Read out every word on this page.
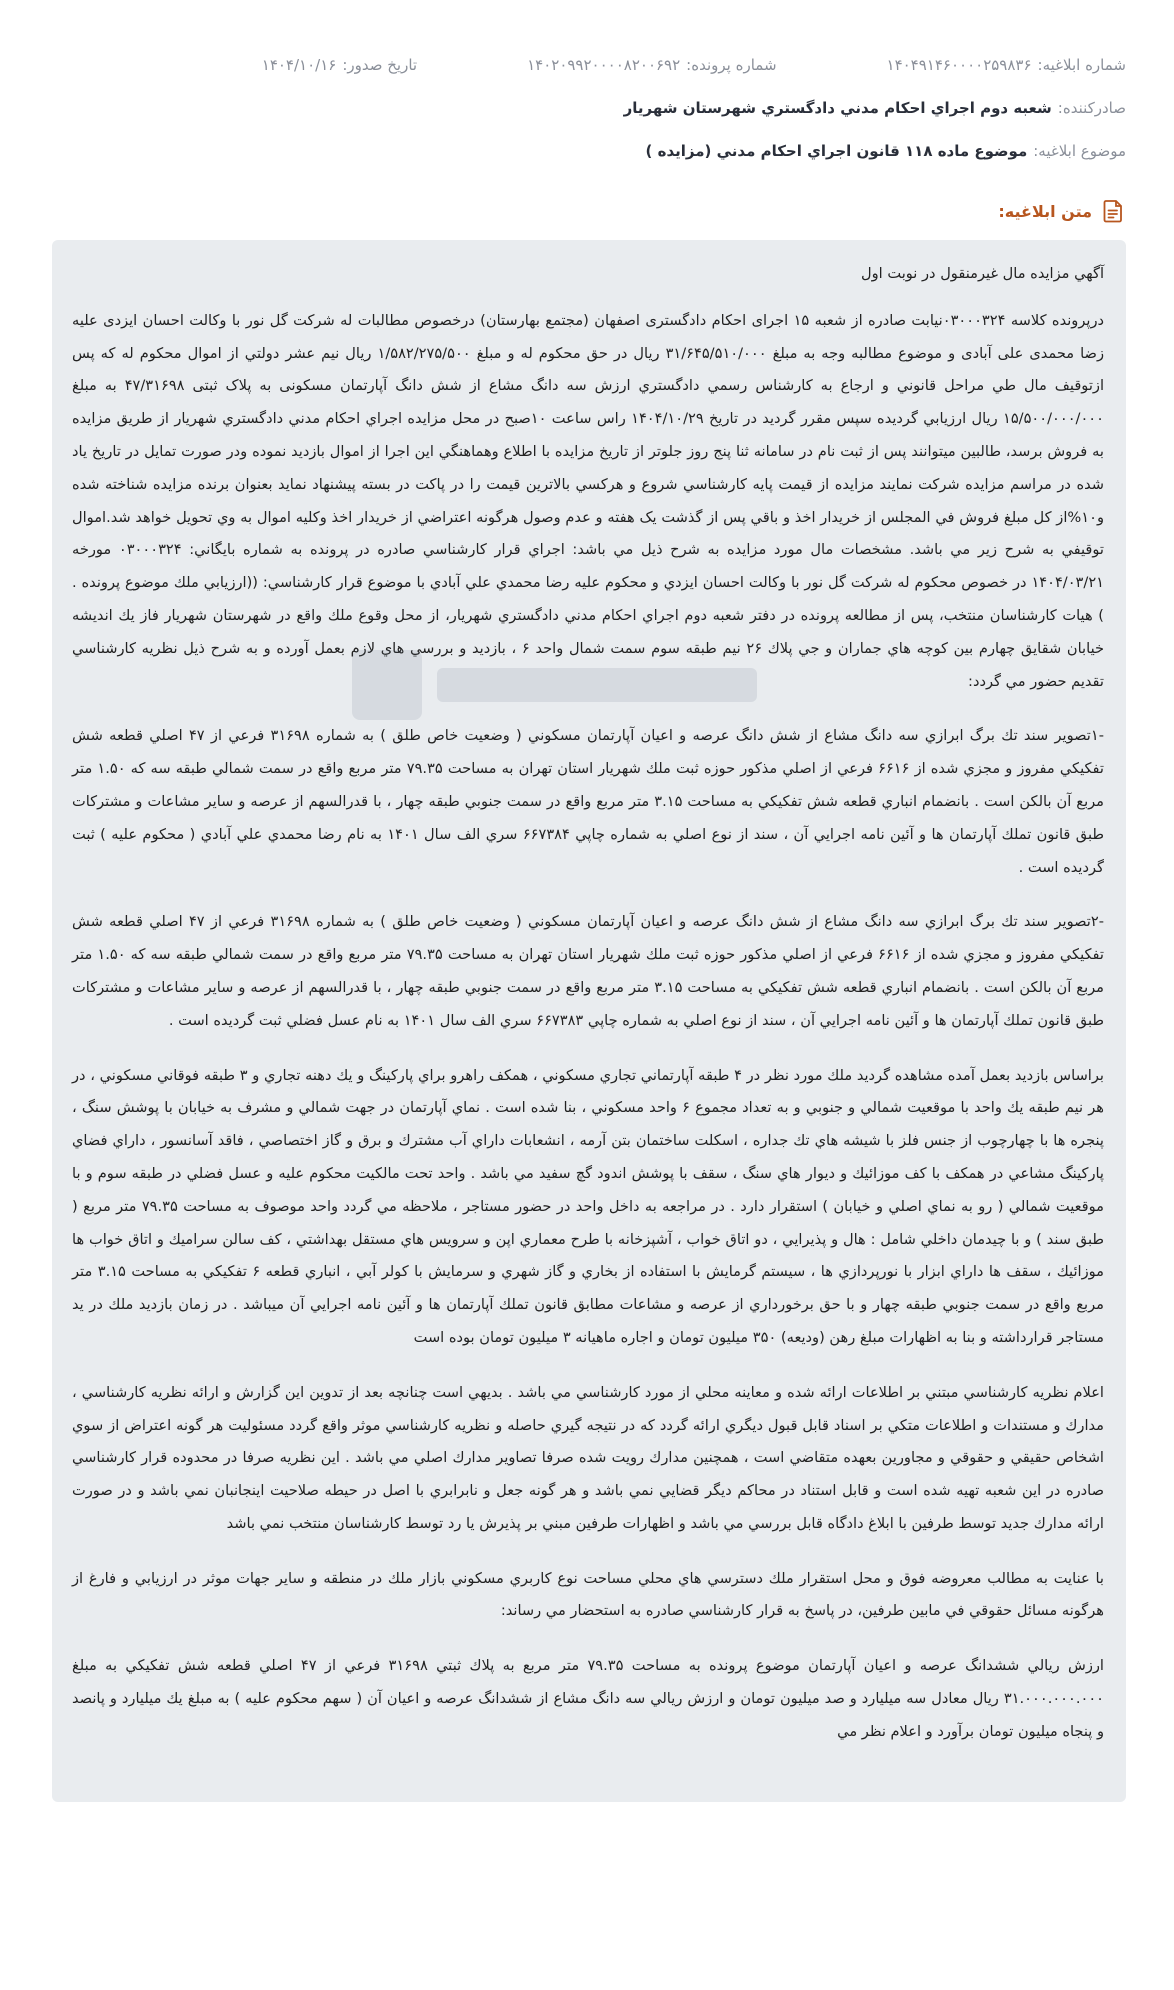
شماره ابلاغیه:
۱۴۰۴۹۱۴۶۰۰۰۰۲۵۹۸۳۶
شماره پرونده:
۱۴۰۲۰۹۹۲۰۰۰۰۸۲۰۰۶۹۲
تاریخ صدور:
۱۴۰۴/۱۰/۱۶
صادرکننده:
شعبه دوم اجراي احكام مدني دادگستري شهرستان شهريار
موضوع ابلاغیه:
موضوع ماده ۱۱۸ قانون اجراي احكام مدني (مزايده )
متن ابلاغیه:

آگهي مزايده مال غيرمنقول در نوبت اول

درپرونده کلاسه ۰۳۰۰۰۳۲۴نيابت صادره از شعبه ۱۵ اجرای احکام دادگستری اصفهان (مجتمع بهارستان) درخصوص مطالبات له شرکت گل نور با وکالت احسان ایزدی علیه زضا محمدی علی آبادی و موضوع مطالبه وجه به مبلغ ۳۱/۶۴۵/۵۱۰/۰۰۰ ريال در حق محکوم له و مبلغ ۱/۵۸۲/۲۷۵/۵۰۰ ريال نيم عشر دولتي از اموال محکوم له که پس ازتوقيف مال طي مراحل قانوني و ارجاع به كارشناس رسمي دادگستري ارزش سه دانگ مشاع از شش دانگ آپارتمان مسکونی به پلاک ثبتی ۴۷/۳۱۶۹۸ به مبلغ ۱۵/۵۰۰/۰۰۰/۰۰۰ ريال ارزيابي گرديده سپس مقرر گرديد در تاريخ ۱۴۰۴/۱۰/۲۹ راس ساعت ۱۰صبح در محل مزايده اجراي احكام مدني دادگستري شهريار از طريق مزايده به فروش برسد، طالبين ميتوانند پس از ثبت نام در سامانه ثنا پنج روز جلوتر از تاريخ مزايده با اطلاع وهماهنگي اين اجرا از اموال بازديد نموده ودر صورت تمايل در تاريخ ياد شده در مراسم مزايده شركت نمايند مزايده از قيمت پايه كارشناسي شروع و هركسي بالاترين قيمت را در پاكت در بسته پيشنهاد نمايد بعنوان برنده مزايده شناخته شده و۱۰%از كل مبلغ فروش في المجلس از خريدار اخذ و باقي پس از گذشت يک هفته و عدم وصول هرگونه اعتراضي از خريدار اخذ وکليه اموال به وي تحويل خواهد شد.اموال توقيفي به شرح زير مي باشد. مشخصات مال مورد مزايده به شرح ذيل مي باشد: اجراي قرار كارشناسي صادره در پرونده به شماره بايگاني: ۰۳۰۰۰۳۲۴ مورخه ۱۴۰۴/۰۳/۲۱ در خصوص محكوم له شركت گل نور با وكالت احسان ايزدي و محكوم عليه رضا محمدي علي آبادي با موضوع قرار كارشناسي: ((ارزيابي ملك موضوع پرونده . ) هيات كارشناسان منتخب، پس از مطالعه پرونده در دفتر شعبه دوم اجراي احكام مدني دادگستري شهريار، از محل وقوع ملك واقع در شهرستان شهريار فاز يك انديشه خيابان شقايق چهارم بين كوچه هاي جماران و جي پلاك ۲۶ نيم طبقه سوم سمت شمال واحد ۶ ، بازديد و بررسي هاي لازم بعمل آورده و به شرح ذيل نظريه كارشناسي تقديم حضور مي گردد:

-۱تصوير سند تك برگ ابرازي سه دانگ مشاع از شش دانگ عرصه و اعيان آپارتمان مسكوني ( وضعيت خاص طلق ) به شماره ۳۱۶۹۸ فرعي از ۴۷ اصلي قطعه شش تفكيكي مفروز و مجزي شده از ۶۶۱۶ فرعي از اصلي مذكور حوزه ثبت ملك شهريار استان تهران به مساحت ۷۹.۳۵ متر مربع واقع در سمت شمالي طبقه سه كه ۱.۵۰ متر مربع آن بالكن است . بانضمام انباري قطعه شش تفكيكي به مساحت ۳.۱۵ متر مربع واقع در سمت جنوبي طبقه چهار ، با قدرالسهم از عرصه و ساير مشاعات و مشتركات طبق قانون تملك آپارتمان ها و آئين نامه اجرايي آن ، سند از نوع اصلي به شماره چاپي ۶۶۷۳۸۴ سري الف سال ۱۴۰۱ به نام رضا محمدي علي آبادي ( محكوم عليه ) ثبت گرديده است .

-۲تصوير سند تك برگ ابرازي سه دانگ مشاع از شش دانگ عرصه و اعيان آپارتمان مسكوني ( وضعيت خاص طلق ) به شماره ۳۱۶۹۸ فرعي از ۴۷ اصلي قطعه شش تفكيكي مفروز و مجزي شده از ۶۶۱۶ فرعي از اصلي مذكور حوزه ثبت ملك شهريار استان تهران به مساحت ۷۹.۳۵ متر مربع واقع در سمت شمالي طبقه سه كه ۱.۵۰ متر مربع آن بالكن است . بانضمام انباري قطعه شش تفكيكي به مساحت ۳.۱۵ متر مربع واقع در سمت جنوبي طبقه چهار ، با قدرالسهم از عرصه و ساير مشاعات و مشتركات طبق قانون تملك آپارتمان ها و آئين نامه اجرايي آن ، سند از نوع اصلي به شماره چاپي ۶۶۷۳۸۳ سري الف سال ۱۴۰۱ به نام عسل فضلي ثبت گرديده است .

براساس بازديد بعمل آمده مشاهده گرديد ملك مورد نظر در ۴ طبقه آپارتماني تجاري مسكوني ، همكف راهرو براي پاركينگ و يك دهنه تجاري و ۳ طبقه فوقاني مسكوني ، در هر نيم طبقه يك واحد با موقعيت شمالي و جنوبي و به تعداد مجموع ۶ واحد مسكوني ، بنا شده است . نماي آپارتمان در جهت شمالي و مشرف به خيابان با پوشش سنگ ، پنجره ها با چهارچوب از جنس فلز با شيشه هاي تك جداره ، اسكلت ساختمان بتن آرمه ، انشعابات داراي آب مشترك و برق و گاز اختصاصي ، فاقد آسانسور ، داراي فضاي پاركينگ مشاعي در همكف با كف موزائيك و ديوار هاي سنگ ، سقف با پوشش اندود گچ سفيد مي باشد . واحد تحت مالكيت محكوم عليه و عسل فضلي در طبقه سوم و با موقعيت شمالي ( رو به نماي اصلي و خيابان ) استقرار دارد . در مراجعه به داخل واحد در حضور مستاجر ، ملاحظه مي گردد واحد موصوف به مساحت ۷۹.۳۵ متر مربع ( طبق سند ) و با چيدمان داخلي شامل : هال و پذيرايي ، دو اتاق خواب ، آشپزخانه با طرح معماري اپن و سرويس هاي مستقل بهداشتي ، كف سالن سراميك و اتاق خواب ها موزائيك ، سقف ها داراي ابزار با نورپردازي ها ، سيستم گرمايش با استفاده از بخاري و گاز شهري و سرمايش با كولر آبي ، انباري قطعه ۶ تفكيكي به مساحت ۳.۱۵ متر مربع واقع در سمت جنوبي طبقه چهار و با حق برخورداري از عرصه و مشاعات مطابق قانون تملك آپارتمان ها و آئين نامه اجرايي آن ميباشد . در زمان بازديد ملك در يد مستاجر قرارداشته و بنا به اظهارات مبلغ رهن (وديعه) ۳۵۰ ميليون تومان و اجاره ماهيانه ۳ ميليون تومان بوده است

اعلام نظريه كارشناسي مبتني بر اطلاعات ارائه شده و معاينه محلي از مورد كارشناسي مي باشد . بديهي است چنانچه بعد از تدوين اين گزارش و ارائه نظريه كارشناسي ، مدارك و مستندات و اطلاعات متكي بر اسناد قابل قبول ديگري ارائه گردد كه در نتيجه گيري حاصله و نظريه كارشناسي موثر واقع گردد مسئوليت هر گونه اعتراض از سوي اشخاص حقيقي و حقوقي و مجاورين بعهده متقاضي است ، همچنين مدارك رويت شده صرفا تصاوير مدارك اصلي مي باشد . اين نظريه صرفا در محدوده قرار كارشناسي صادره در اين شعبه تهيه شده است و قابل استناد در محاكم ديگر قضايي نمي باشد و هر گونه جعل و نابرابري با اصل در حيطه صلاحيت اينجانبان نمي باشد و در صورت ارائه مدارك جديد توسط طرفين با ابلاغ دادگاه قابل بررسي مي باشد و اظهارات طرفين مبني بر پذيرش يا رد توسط كارشناسان منتخب نمي باشد

با عنايت به مطالب معروضه فوق و محل استقرار ملك دسترسي هاي محلي مساحت نوع كاربري مسكوني بازار ملك در منطقه و ساير جهات موثر در ارزيابي و فارغ از هرگونه مسائل حقوقي في مابين طرفين، در پاسخ به قرار كارشناسي صادره به استحضار مي رساند:

ارزش ريالي ششدانگ عرصه و اعيان آپارتمان موضوع پرونده به مساحت ۷۹.۳۵ متر مربع به پلاك ثبتي ۳۱۶۹۸ فرعي از ۴۷ اصلي قطعه شش تفكيكي به مبلغ ۳۱.۰۰۰.۰۰۰.۰۰۰ ريال معادل سه ميليارد و صد ميليون تومان و ارزش ريالي سه دانگ مشاع از ششدانگ عرصه و اعيان آن ( سهم محكوم عليه ) به مبلغ يك ميليارد و پانصد و پنجاه ميليون تومان برآورد و اعلام نظر مي
